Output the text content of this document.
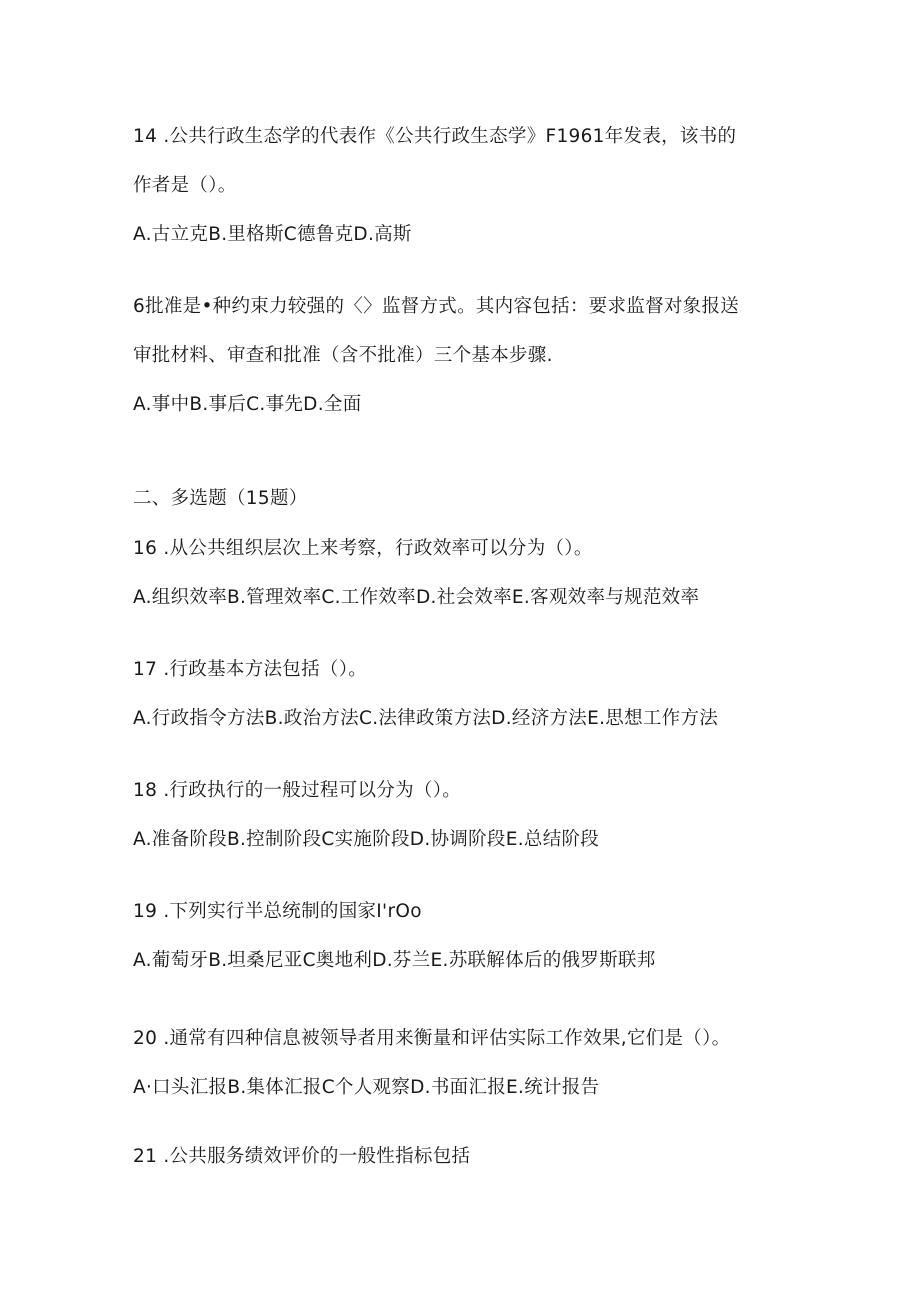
14 .公共行政生态学的代表作《公共行政生态学》F1961年发表，该书的
作者是（）。
A.古立克B.里格斯C德鲁克D.高斯
6批准是•种约束力较强的〈〉监督方式。其内容包括：要求监督对象报送
审批材料、审查和批准（含不批准）三个基本步骤.
A.事中B.事后C.事先D.全面
二、多选题（15题）
16 .从公共组织层次上来考察，行政效率可以分为（）。
A.组织效率B.管理效率C.工作效率D.社会效率E.客观效率与规范效率
17 .行政基本方法包括（）。
A.行政指令方法B.政治方法C.法律政策方法D.经济方法E.思想工作方法
18 .行政执行的一般过程可以分为（）。
A.准备阶段B.控制阶段C实施阶段D.协调阶段E.总结阶段
19 .下列实行半总统制的国家I'rOo
A.葡萄牙B.坦桑尼亚C奥地利D.芬兰E.苏联解体后的俄罗斯联邦
20 .通常有四种信息被领导者用来衡量和评估实际工作效果,它们是（）。
A·口头汇报B.集体汇报C个人观察D.书面汇报E.统计报告
21 .公共服务绩效评价的一般性指标包括
